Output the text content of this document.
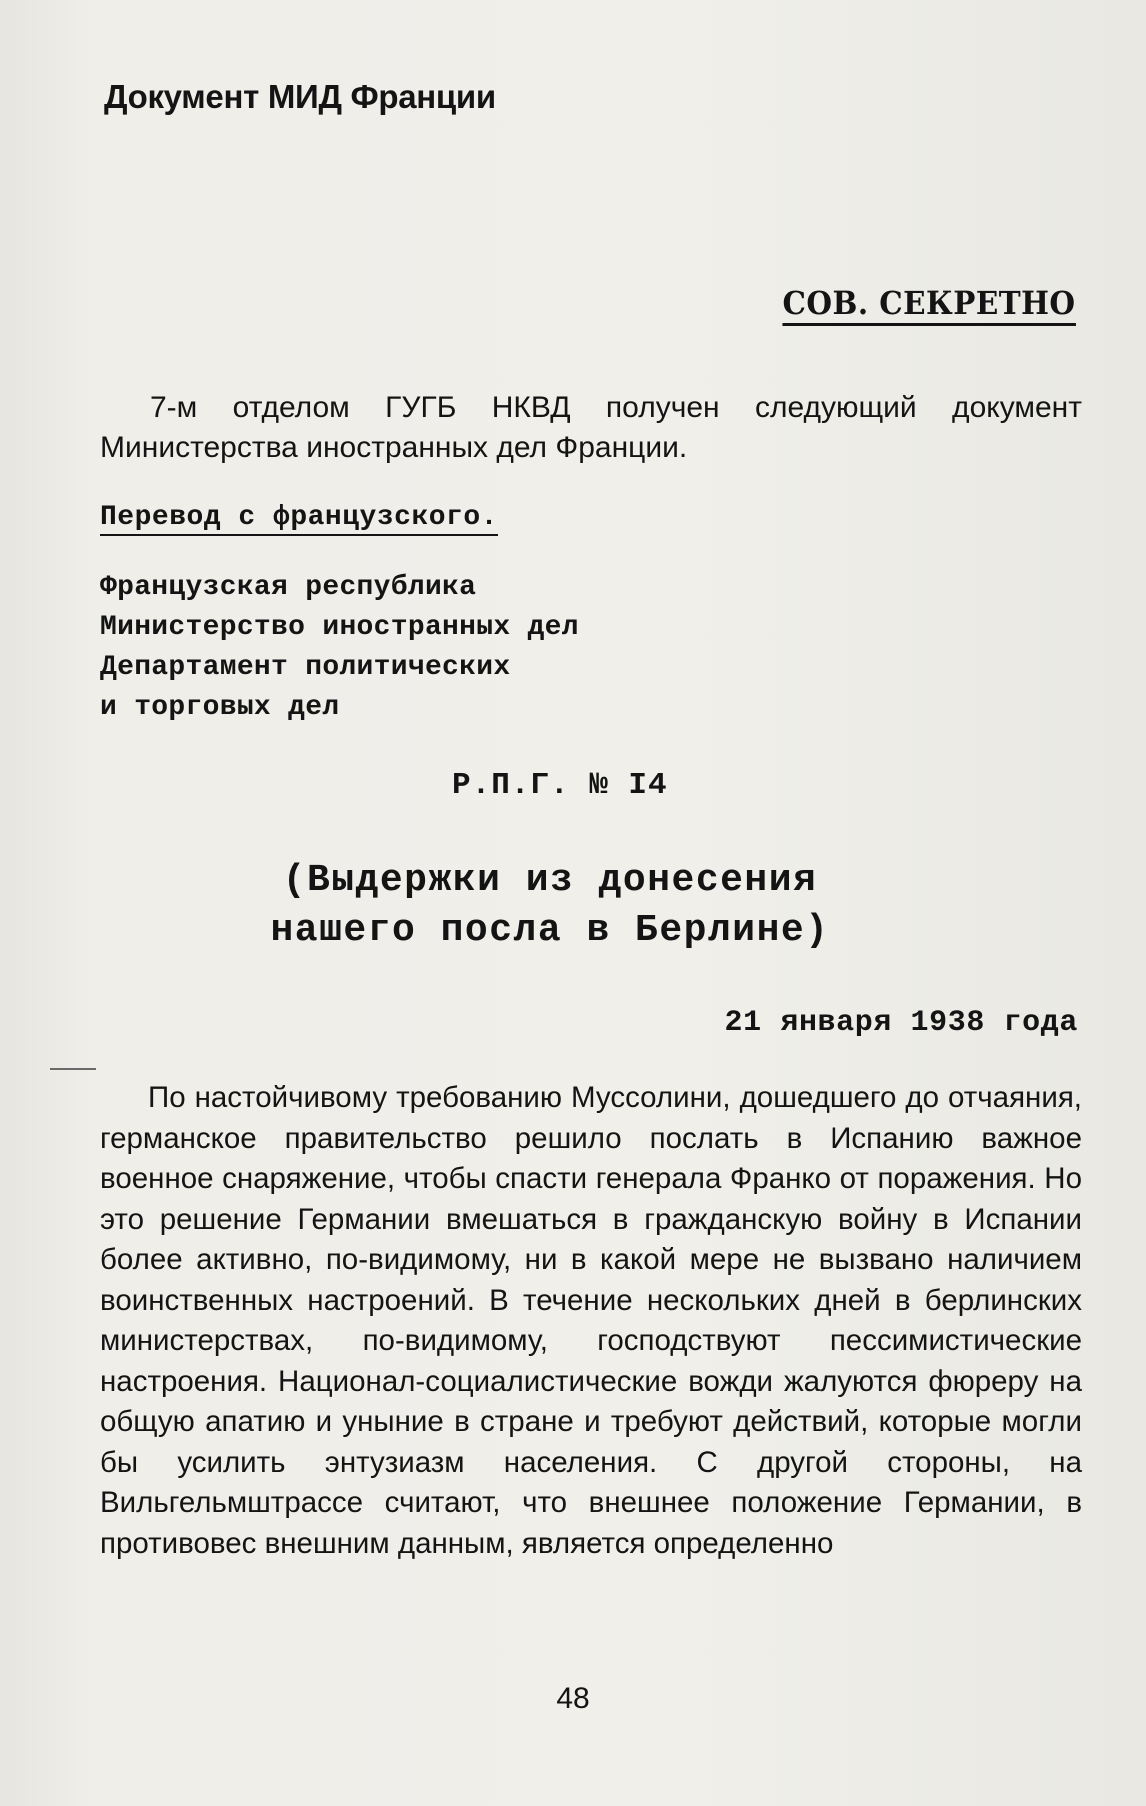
Документ МИД Франции
СОВ. СЕКРЕТНО
7-м отделом ГУГБ НКВД получен следующий документ Министерства иностранных дел Франции.
Перевод с французского.
Французская республика
Министерство иностранных дел
Департамент политических
и торговых дел
Р.П.Г. № I4
(Выдержки из донесения
нашего посла в Берлине)
21 января 1938 года
По настойчивому требованию Муссолини, дошедшего до отчаяния, германское правительство решило послать в Испанию важное военное снаряжение, чтобы спасти генерала Франко от поражения. Но это решение Германии вмешаться в гражданскую войну в Испании более активно, по-видимому, ни в какой мере не вызвано наличием воинственных настроений. В течение нескольких дней в берлинских министерствах, по-видимому, господствуют пессимистические настроения. Национал-социалистические вожди жалуются фюреру на общую апатию и уныние в стране и требуют действий, которые могли бы усилить энтузиазм населения. С другой стороны, на Вильгельмштрассе считают, что внешнее положение Германии, в противовес внешним данным, является определенно
48
